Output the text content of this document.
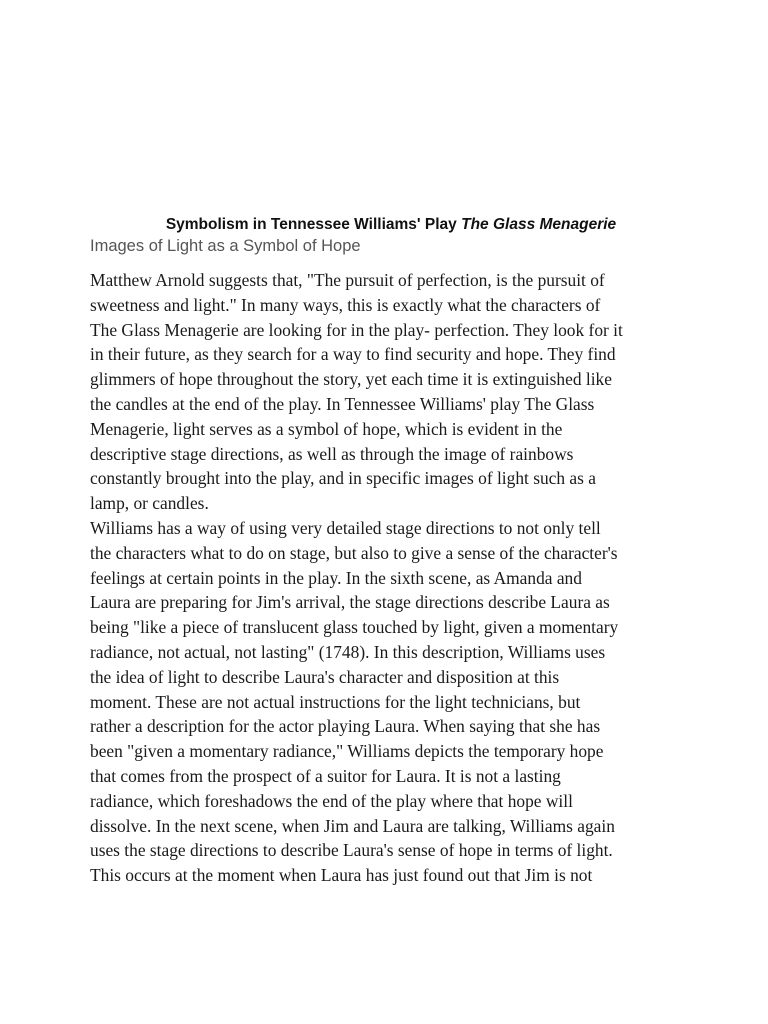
Symbolism in Tennessee Williams' Play The Glass Menagerie
Images of Light as a Symbol of Hope
Matthew Arnold suggests that, "The pursuit of perfection, is the pursuit of
sweetness and light." In many ways, this is exactly what the characters of
The Glass Menagerie are looking for in the play- perfection. They look for it
in their future, as they search for a way to find security and hope. They find
glimmers of hope throughout the story, yet each time it is extinguished like
the candles at the end of the play. In Tennessee Williams' play The Glass
Menagerie, light serves as a symbol of hope, which is evident in the
descriptive stage directions, as well as through the image of rainbows
constantly brought into the play, and in specific images of light such as a
lamp, or candles.
Williams has a way of using very detailed stage directions to not only tell
the characters what to do on stage, but also to give a sense of the character's
feelings at certain points in the play. In the sixth scene, as Amanda and
Laura are preparing for Jim's arrival, the stage directions describe Laura as
being "like a piece of translucent glass touched by light, given a momentary
radiance, not actual, not lasting" (1748). In this description, Williams uses
the idea of light to describe Laura's character and disposition at this
moment. These are not actual instructions for the light technicians, but
rather a description for the actor playing Laura. When saying that she has
been "given a momentary radiance," Williams depicts the temporary hope
that comes from the prospect of a suitor for Laura. It is not a lasting
radiance, which foreshadows the end of the play where that hope will
dissolve. In the next scene, when Jim and Laura are talking, Williams again
uses the stage directions to describe Laura's sense of hope in terms of light.
This occurs at the moment when Laura has just found out that Jim is not
